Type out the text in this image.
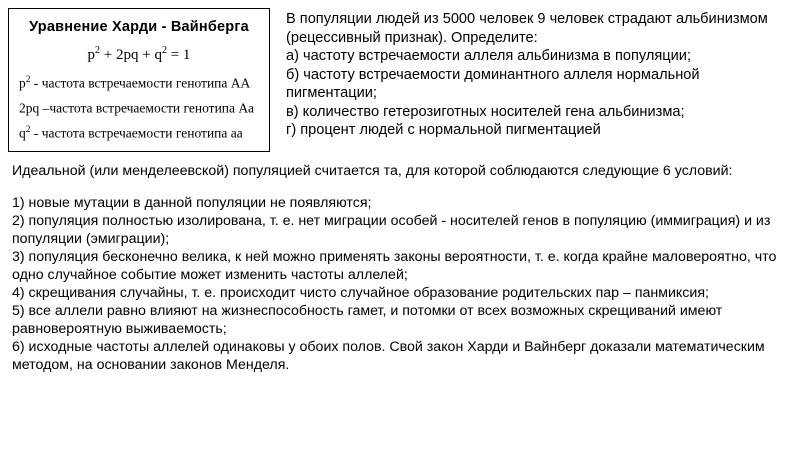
Уравнение Харди - Вайнберга
$p^2 + 2pq + q^2 = 1$
$p^2$ - частота встречаемости генотипа АА
2pq –частота встречаемости генотипа Аа
$q^2$ - частота встречаемости генотипа аа

В популяции людей из 5000 человек 9 человек страдают альбинизмом (рецессивный признак). Определите:

а) частоту встречаемости аллеля альбинизма в популяции;

б) частоту встречаемости доминантного аллеля нормальной пигментации;

в) количество гетерозиготных носителей гена альбинизма;

г) процент людей с нормальной пигментацией

Идеальной (или менделеевской) популяцией считается та, для которой соблюдаются следующие 6 условий:

1) новые мутации в данной популяции не появляются;

2) популяция полностью изолирована, т. е. нет миграции особей - носителей генов в популяцию (иммиграция) и из популяции (эмиграции);

3) популяция бесконечно велика, к ней можно применять законы вероятности, т. е. когда крайне маловероятно, что одно случайное событие может изменить частоты аллелей;

4) скрещивания случайны, т. е. происходит чисто случайное образование родительских пар – панмиксия;

5) все аллели равно влияют на жизнеспособность гамет, и потомки от всех возможных скрещиваний имеют равновероятную выживаемость;

6) исходные частоты аллелей одинаковы у обоих полов. Свой закон Харди и Вайнберг доказали математическим методом, на основании законов Менделя.
